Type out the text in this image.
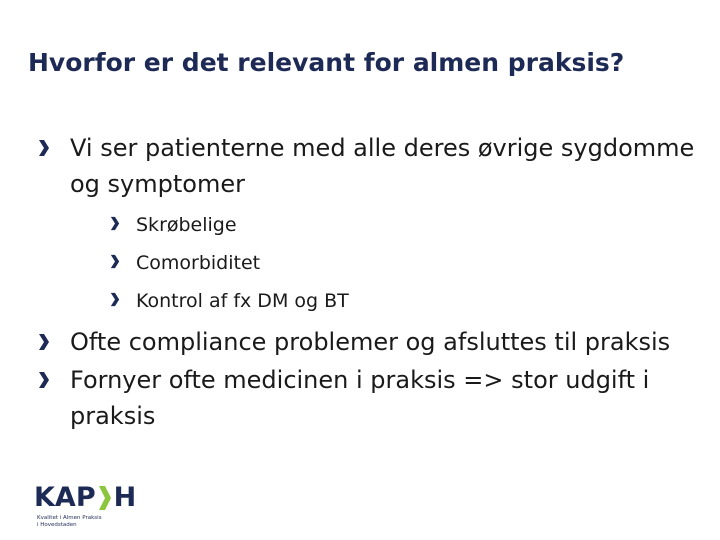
Hvorfor er det relevant for almen praksis?
Vi ser patienterne med alle deres øvrige sygdomme og symptomer
Skrøbelige
Comorbiditet
Kontrol af fx DM og BT
Ofte compliance problemer og afsluttes til praksis
Fornyer ofte medicinen i praksis => stor udgift i praksis
KAP H
Kvalitet i Almen Praksis
i Hovedstaden
